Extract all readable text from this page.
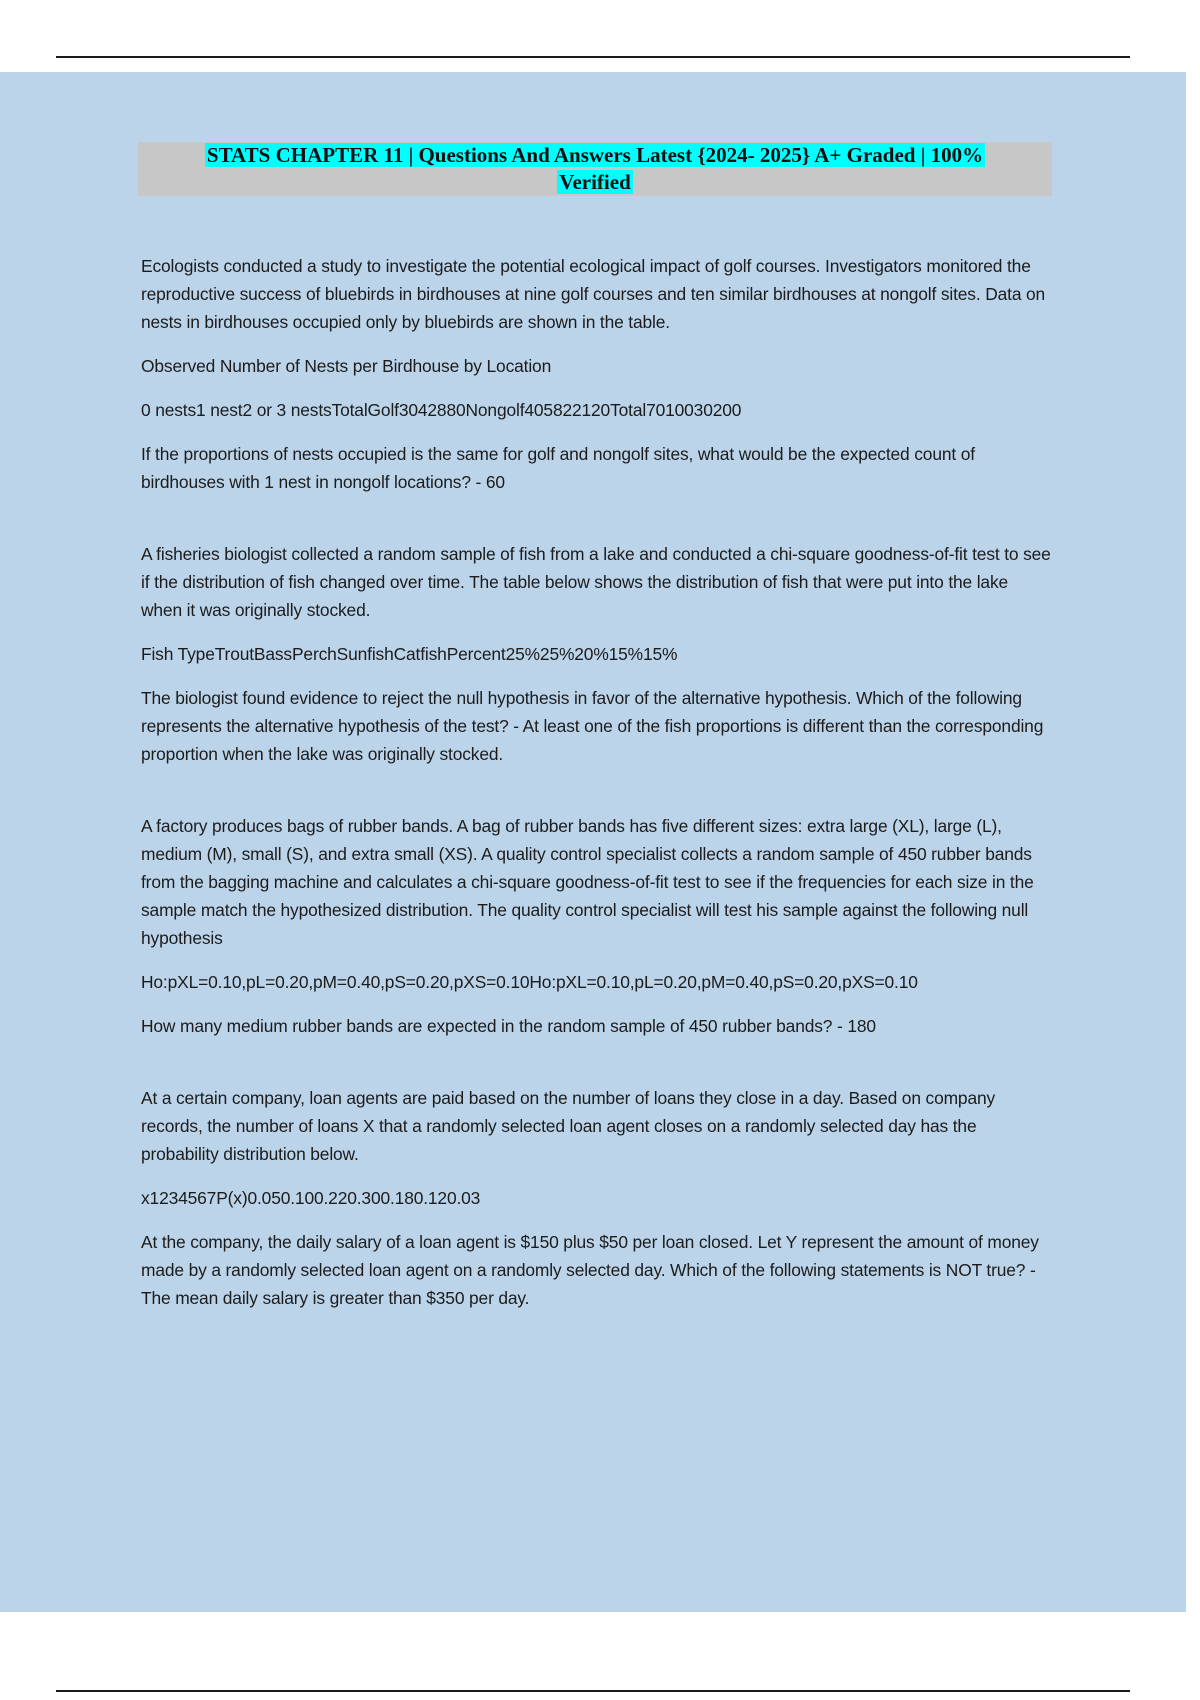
STATS CHAPTER 11 | Questions And Answers Latest {2024- 2025} A+ Graded | 100%
Verified

Ecologists conducted a study to investigate the potential ecological impact of golf courses. Investigators monitored the reproductive success of bluebirds in birdhouses at nine golf courses and ten similar birdhouses at nongolf sites. Data on nests in birdhouses occupied only by bluebirds are shown in the table.

Observed Number of Nests per Birdhouse by Location

0 nests1 nest2 or 3 nestsTotalGolf3042880Nongolf405822120Total7010030200

If the proportions of nests occupied is the same for golf and nongolf sites, what would be the expected count of birdhouses with 1 nest in nongolf locations? - 60

A fisheries biologist collected a random sample of fish from a lake and conducted a chi-square goodness-of-fit test to see if the distribution of fish changed over time. The table below shows the distribution of fish that were put into the lake when it was originally stocked.

Fish TypeTroutBassPerchSunfishCatfishPercent25%25%20%15%15%

The biologist found evidence to reject the null hypothesis in favor of the alternative hypothesis. Which of the following represents the alternative hypothesis of the test? - At least one of the fish proportions is different than the corresponding proportion when the lake was originally stocked.

A factory produces bags of rubber bands. A bag of rubber bands has five different sizes: extra large (XL), large (L), medium (M), small (S), and extra small (XS). A quality control specialist collects a random sample of 450 rubber bands from the bagging machine and calculates a chi-square goodness-of-fit test to see if the frequencies for each size in the sample match the hypothesized distribution. The quality control specialist will test his sample against the following null hypothesis

Ho:pXL=0.10,pL=0.20,pM=0.40,pS=0.20,pXS=0.10Ho:pXL=0.10,pL=0.20,pM=0.40,pS=0.20,pXS=0.10

How many medium rubber bands are expected in the random sample of 450 rubber bands? - 180

At a certain company, loan agents are paid based on the number of loans they close in a day. Based on company records, the number of loans X that a randomly selected loan agent closes on a randomly selected day has the probability distribution below.

x1234567P(x)0.050.100.220.300.180.120.03

At the company, the daily salary of a loan agent is $150 plus $50 per loan closed. Let Y represent the amount of money made by a randomly selected loan agent on a randomly selected day. Which of the following statements is NOT true? - The mean daily salary is greater than $350 per day.
